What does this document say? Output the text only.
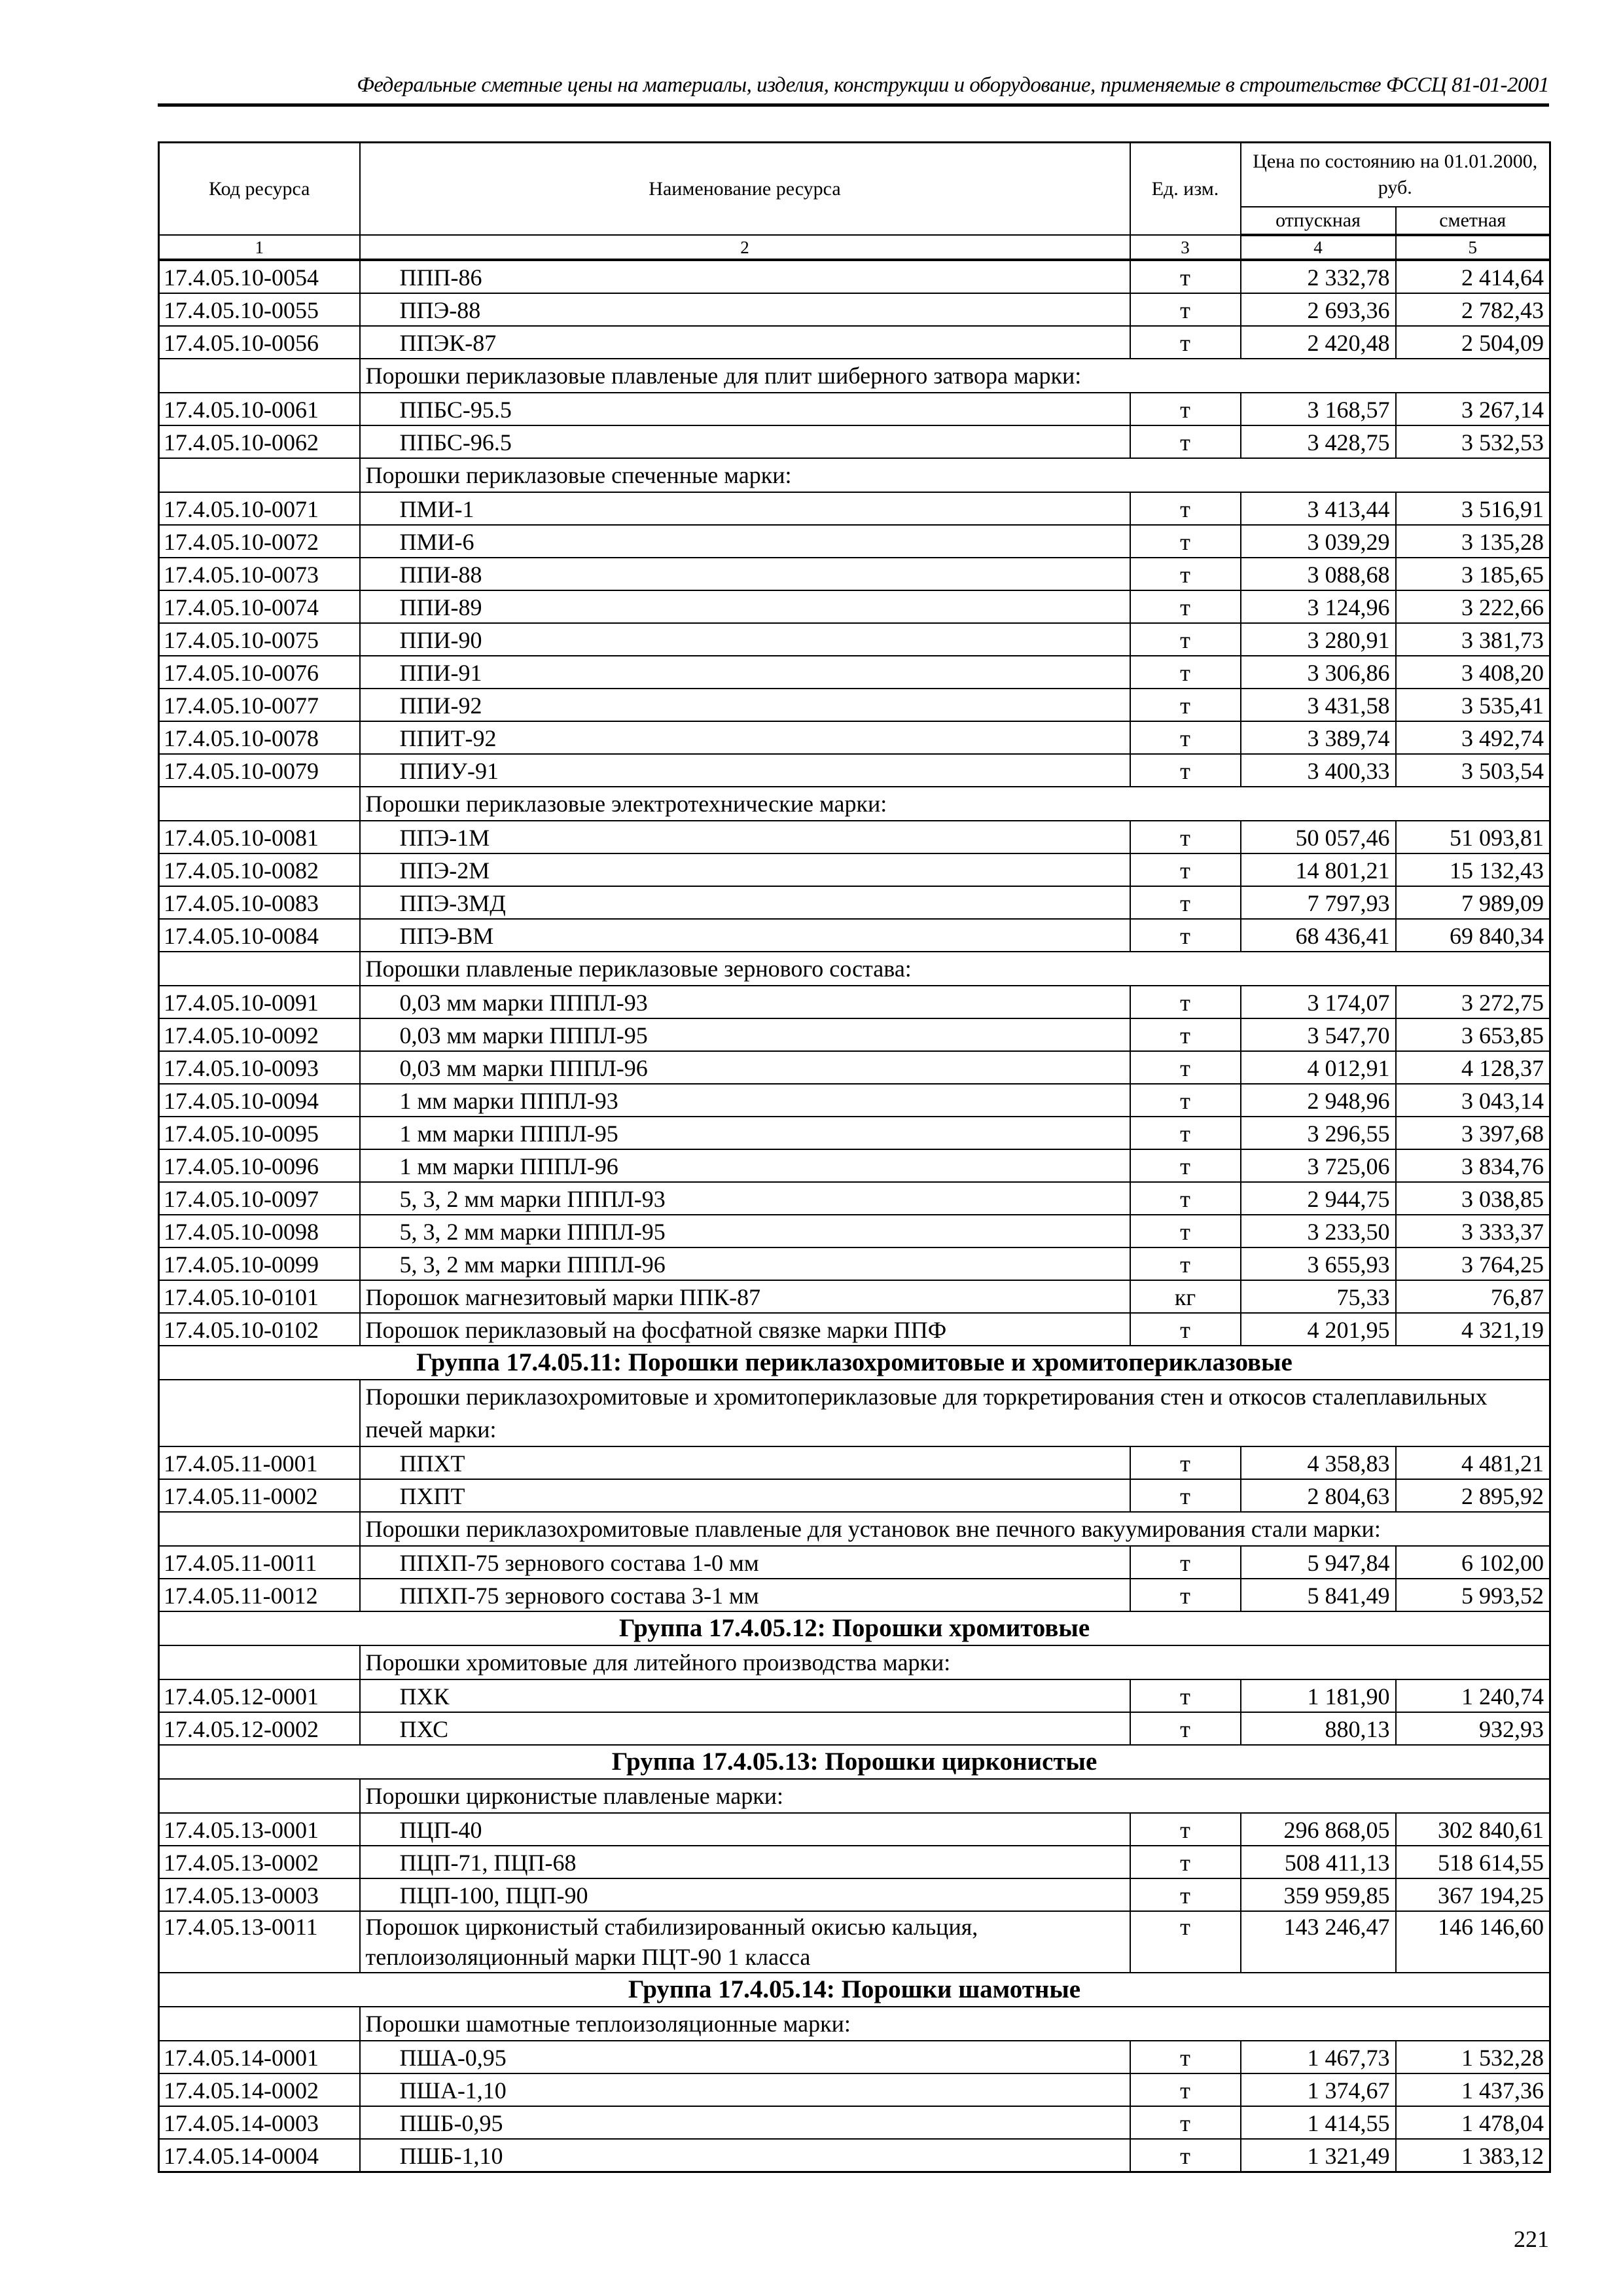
Федеральные сметные цены на материалы, изделия, конструкции и оборудование, применяемые в строительстве ФССЦ 81-01-2001
Код ресурса	Наименование ресурса	Ед. изм.	Цена по состоянию на 01.01.2000, руб.	
			отпускная	сметная
1	2	3	4	5
17.4.05.10-0054	ППП-86	т	2 332,78	2 414,64
17.4.05.10-0055	ППЭ-88	т	2 693,36	2 782,43
17.4.05.10-0056	ППЭК-87	т	2 420,48	2 504,09
	Порошки периклазовые плавленые для плит шиберного затвора марки:			
17.4.05.10-0061	ППБС-95.5	т	3 168,57	3 267,14
17.4.05.10-0062	ППБС-96.5	т	3 428,75	3 532,53
	Порошки периклазовые спеченные марки:			
17.4.05.10-0071	ПМИ-1	т	3 413,44	3 516,91
17.4.05.10-0072	ПМИ-6	т	3 039,29	3 135,28
17.4.05.10-0073	ППИ-88	т	3 088,68	3 185,65
17.4.05.10-0074	ППИ-89	т	3 124,96	3 222,66
17.4.05.10-0075	ППИ-90	т	3 280,91	3 381,73
17.4.05.10-0076	ППИ-91	т	3 306,86	3 408,20
17.4.05.10-0077	ППИ-92	т	3 431,58	3 535,41
17.4.05.10-0078	ППИТ-92	т	3 389,74	3 492,74
17.4.05.10-0079	ППИУ-91	т	3 400,33	3 503,54
	Порошки периклазовые электротехнические марки:			
17.4.05.10-0081	ППЭ-1М	т	50 057,46	51 093,81
17.4.05.10-0082	ППЭ-2М	т	14 801,21	15 132,43
17.4.05.10-0083	ППЭ-3МД	т	7 797,93	7 989,09
17.4.05.10-0084	ППЭ-ВМ	т	68 436,41	69 840,34
	Порошки плавленые периклазовые зернового состава:			
17.4.05.10-0091	0,03 мм марки ПППЛ-93	т	3 174,07	3 272,75
17.4.05.10-0092	0,03 мм марки ПППЛ-95	т	3 547,70	3 653,85
17.4.05.10-0093	0,03 мм марки ПППЛ-96	т	4 012,91	4 128,37
17.4.05.10-0094	1 мм марки ПППЛ-93	т	2 948,96	3 043,14
17.4.05.10-0095	1 мм марки ПППЛ-95	т	3 296,55	3 397,68
17.4.05.10-0096	1 мм марки ПППЛ-96	т	3 725,06	3 834,76
17.4.05.10-0097	5, 3, 2 мм марки ПППЛ-93	т	2 944,75	3 038,85
17.4.05.10-0098	5, 3, 2 мм марки ПППЛ-95	т	3 233,50	3 333,37
17.4.05.10-0099	5, 3, 2 мм марки ПППЛ-96	т	3 655,93	3 764,25
17.4.05.10-0101	Порошок магнезитовый марки ППК-87	кг	75,33	76,87
17.4.05.10-0102	Порошок периклазовый на фосфатной связке марки ППФ	т	4 201,95	4 321,19
Группа 17.4.05.11: Порошки периклазохромитовые и хромитопериклазовые				
	Порошки периклазохромитовые и хромитопериклазовые для торкретирования стен и откосов сталеплавильных печей марки:			
17.4.05.11-0001	ППХТ	т	4 358,83	4 481,21
17.4.05.11-0002	ПХПТ	т	2 804,63	2 895,92
	Порошки периклазохромитовые плавленые для установок вне печного вакуумирования стали марки:			
17.4.05.11-0011	ППХП-75 зернового состава 1-0 мм	т	5 947,84	6 102,00
17.4.05.11-0012	ППХП-75 зернового состава 3-1 мм	т	5 841,49	5 993,52
Группа 17.4.05.12: Порошки хромитовые				
	Порошки хромитовые для литейного производства марки:			
17.4.05.12-0001	ПХК	т	1 181,90	1 240,74
17.4.05.12-0002	ПХС	т	880,13	932,93
Группа 17.4.05.13: Порошки цирконистые				
	Порошки цирконистые плавленые марки:			
17.4.05.13-0001	ПЦП-40	т	296 868,05	302 840,61
17.4.05.13-0002	ПЦП-71, ПЦП-68	т	508 411,13	518 614,55
17.4.05.13-0003	ПЦП-100, ПЦП-90	т	359 959,85	367 194,25
17.4.05.13-0011	Порошок цирконистый стабилизированный окисью кальция, теплоизоляционный марки ПЦТ-90 1 класса	т	143 246,47	146 146,60
Группа 17.4.05.14: Порошки шамотные				
	Порошки шамотные теплоизоляционные марки:			
17.4.05.14-0001	ПША-0,95	т	1 467,73	1 532,28
17.4.05.14-0002	ПША-1,10	т	1 374,67	1 437,36
17.4.05.14-0003	ПШБ-0,95	т	1 414,55	1 478,04
17.4.05.14-0004	ПШБ-1,10	т	1 321,49	1 383,12
221
